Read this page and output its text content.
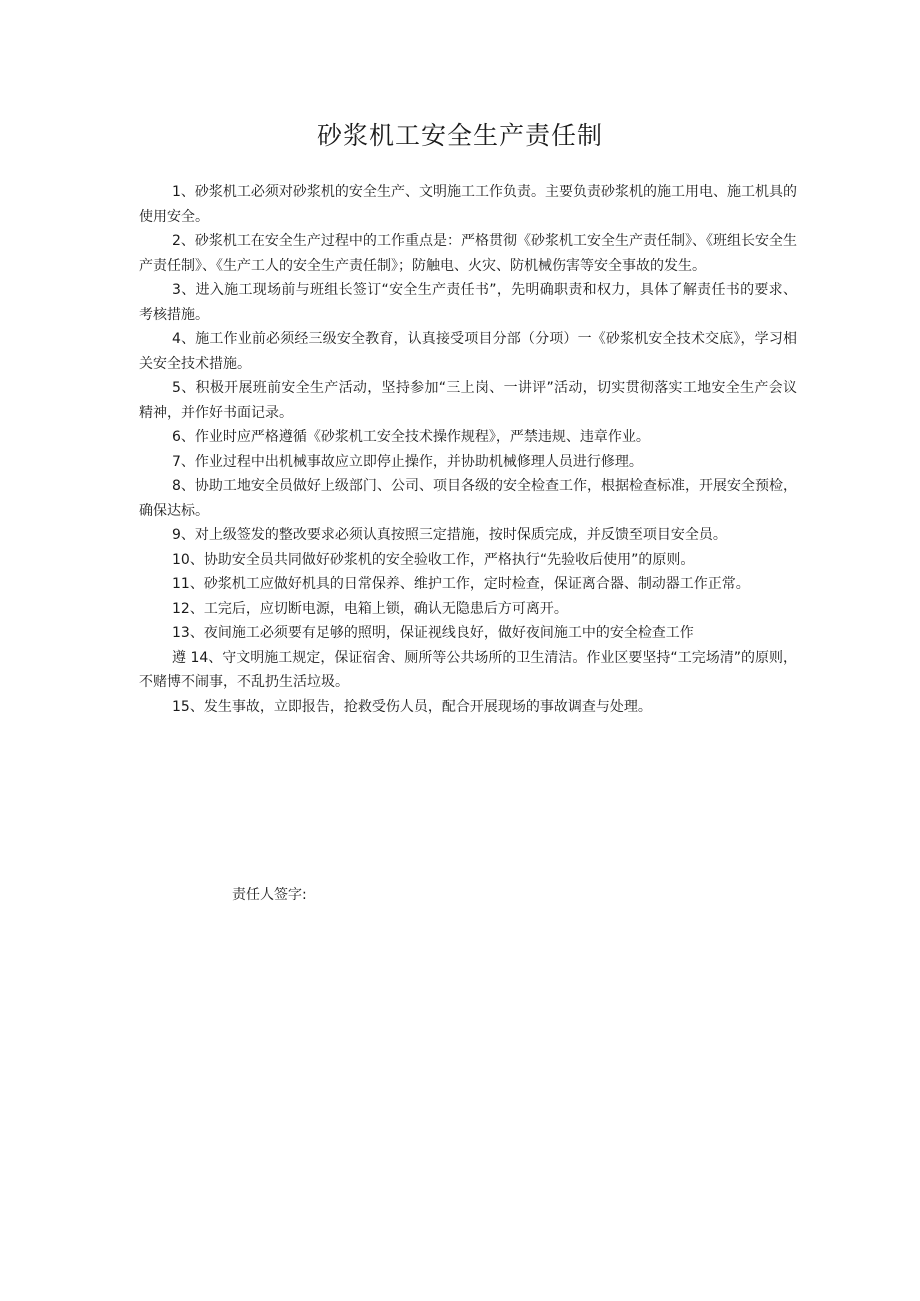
砂浆机工安全生产责任制
1、砂浆机工必须对砂浆机的安全生产、文明施工工作负责。主要负责砂浆机的施工用电、施工机具的使用安全。
2、砂浆机工在安全生产过程中的工作重点是：严格贯彻《砂浆机工安全生产责任制》、《班组长安全生产责任制》、《生产工人的安全生产责任制》；防触电、火灾、防机械伤害等安全事故的发生。
3、进入施工现场前与班组长签订“安全生产责任书”，先明确职责和权力，具体了解责任书的要求、考核措施。
4、施工作业前必须经三级安全教育，认真接受项目分部（分项）一《砂浆机安全技术交底》，学习相关安全技术措施。
5、积极开展班前安全生产活动，坚持参加“三上岗、一讲评”活动，切实贯彻落实工地安全生产会议精神，并作好书面记录。
6、作业时应严格遵循《砂浆机工安全技术操作规程》，严禁违规、违章作业。
7、作业过程中出机械事故应立即停止操作，并协助机械修理人员进行修理。
8、协助工地安全员做好上级部门、公司、项目各级的安全检查工作，根据检查标准，开展安全预检，确保达标。
9、对上级签发的整改要求必须认真按照三定措施，按时保质完成，并反馈至项目安全员。
10、协助安全员共同做好砂浆机的安全验收工作，严格执行“先验收后使用”的原则。
11、砂浆机工应做好机具的日常保养、维护工作，定时检查，保证离合器、制动器工作正常。
12、工完后，应切断电源，电箱上锁，确认无隐患后方可离开。
13、夜间施工必须要有足够的照明，保证视线良好，做好夜间施工中的安全检查工作
遵 14、守文明施工规定，保证宿舍、厕所等公共场所的卫生清洁。作业区要坚持“工完场清”的原则，不赌博不闹事，不乱扔生活垃圾。
15、发生事故，立即报告，抢救受伤人员，配合开展现场的事故调查与处理。
责任人签字:
